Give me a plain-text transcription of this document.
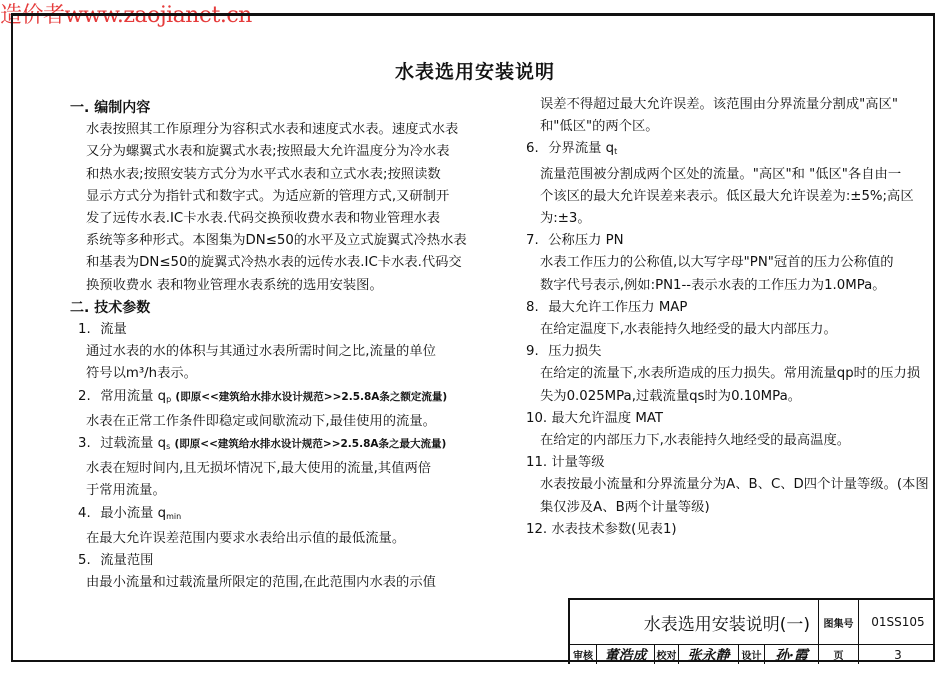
造价者www.zaojianet.cn
水表选用安装说明
一. 编制内容
水表按照其工作原理分为容积式水表和速度式水表。速度式水表
又分为螺翼式水表和旋翼式水表;按照最大允许温度分为冷水表
和热水表;按照安装方式分为水平式水表和立式水表;按照读数
显示方式分为指针式和数字式。为适应新的管理方式,又研制开
发了远传水表.IC卡水表.代码交换预收费水表和物业管理水表
系统等多种形式。本图集为DN≤50的水平及立式旋翼式冷热水表
和基表为DN≤50的旋翼式冷热水表的远传水表.IC卡水表.代码交
换预收费水 表和物业管理水表系统的选用安装图。
二. 技术参数
1. 流量
通过水表的水的体积与其通过水表所需时间之比,流量的单位
符号以m³/h表示。
2. 常用流量 $q_p$ (即原<<建筑给水排水设计规范>>2.5.8A条之额定流量)
水表在正常工作条件即稳定或间歇流动下,最佳使用的流量。
3. 过载流量 $q_s$ (即原<<建筑给水排水设计规范>>2.5.8A条之最大流量)
水表在短时间内,且无损坏情况下,最大使用的流量,其值两倍
于常用流量。
4. 最小流量 $q_{min}$
在最大允许误差范围内要求水表给出示值的最低流量。
5. 流量范围
由最小流量和过载流量所限定的范围,在此范围内水表的示值
误差不得超过最大允许误差。该范围由分界流量分割成"高区"
和"低区"的两个区。
6. 分界流量 $q_t$
流量范围被分割成两个区处的流量。"高区"和 "低区"各自由一
个该区的最大允许误差来表示。低区最大允许误差为:±5%;高区
为:±3。
7. 公称压力 PN
水表工作压力的公称值,以大写字母"PN"冠首的压力公称值的
数字代号表示,例如:PN1--表示水表的工作压力为1.0MPa。
8. 最大允许工作压力 MAP
在给定温度下,水表能持久地经受的最大内部压力。
9. 压力损失
在给定的流量下,水表所造成的压力损失。常用流量qp时的压力损
失为0.025MPa,过载流量qs时为0.10MPa。
10. 最大允许温度 MAT
在给定的内部压力下,水表能持久地经受的最高温度。
11. 计量等级
水表按最小流量和分界流量分为A、B、C、D四个计量等级。(本图
集仅涉及A、B两个计量等级)
12. 水表技术参数(见表1)
水表选用安装说明(一)	图集号	01SS105
审核 董浩成	校对 张永静	设计 孙·霞	页	3
